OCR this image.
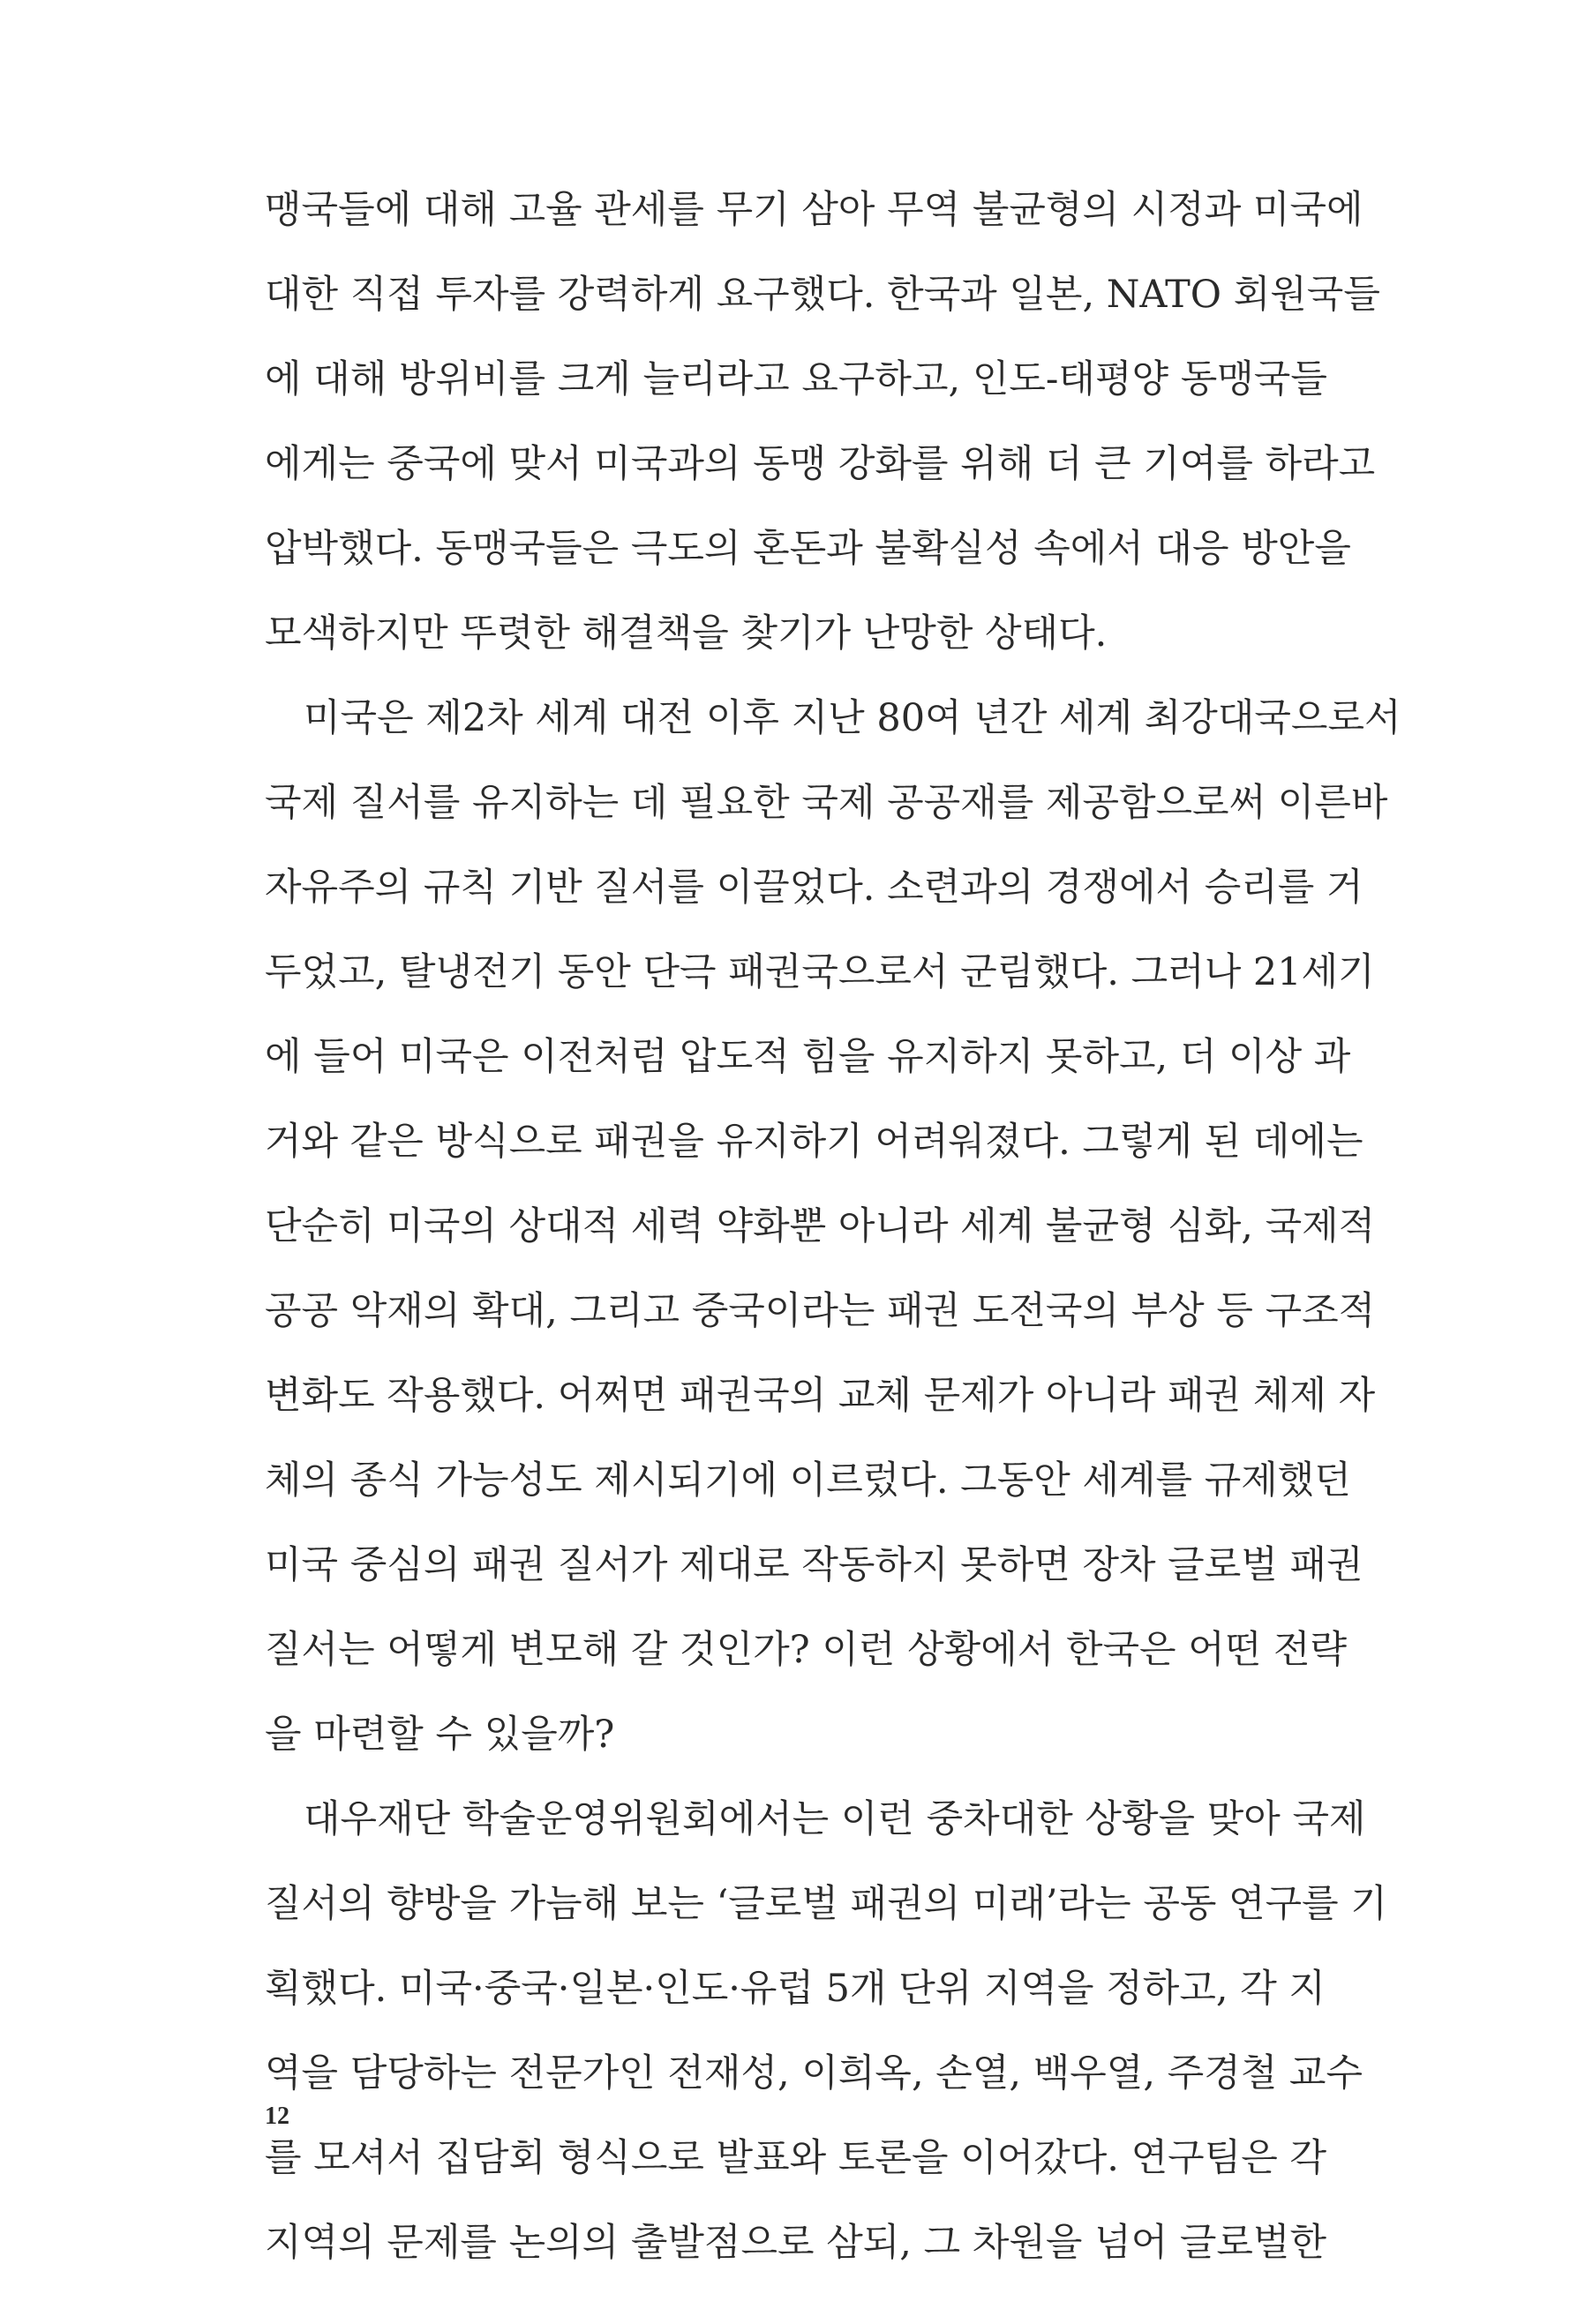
맹국들에 대해 고율 관세를 무기 삼아 무역 불균형의 시정과 미국에
대한 직접 투자를 강력하게 요구했다. 한국과 일본, NATO 회원국들
에 대해 방위비를 크게 늘리라고 요구하고, 인도-태평양 동맹국들
에게는 중국에 맞서 미국과의 동맹 강화를 위해 더 큰 기여를 하라고
압박했다. 동맹국들은 극도의 혼돈과 불확실성 속에서 대응 방안을
모색하지만 뚜렷한 해결책을 찾기가 난망한 상태다.
미국은 제2차 세계 대전 이후 지난 80여 년간 세계 최강대국으로서
국제 질서를 유지하는 데 필요한 국제 공공재를 제공함으로써 이른바
자유주의 규칙 기반 질서를 이끌었다. 소련과의 경쟁에서 승리를 거
두었고, 탈냉전기 동안 단극 패권국으로서 군림했다. 그러나 21세기
에 들어 미국은 이전처럼 압도적 힘을 유지하지 못하고, 더 이상 과
거와 같은 방식으로 패권을 유지하기 어려워졌다. 그렇게 된 데에는
단순히 미국의 상대적 세력 약화뿐 아니라 세계 불균형 심화, 국제적
공공 악재의 확대, 그리고 중국이라는 패권 도전국의 부상 등 구조적
변화도 작용했다. 어쩌면 패권국의 교체 문제가 아니라 패권 체제 자
체의 종식 가능성도 제시되기에 이르렀다. 그동안 세계를 규제했던
미국 중심의 패권 질서가 제대로 작동하지 못하면 장차 글로벌 패권
질서는 어떻게 변모해 갈 것인가? 이런 상황에서 한국은 어떤 전략
을 마련할 수 있을까?
대우재단 학술운영위원회에서는 이런 중차대한 상황을 맞아 국제
질서의 향방을 가늠해 보는 ‘글로벌 패권의 미래’라는 공동 연구를 기
획했다. 미국·중국·일본·인도·유럽 5개 단위 지역을 정하고, 각 지
역을 담당하는 전문가인 전재성, 이희옥, 손열, 백우열, 주경철 교수
를 모셔서 집담회 형식으로 발표와 토론을 이어갔다. 연구팀은 각
지역의 문제를 논의의 출발점으로 삼되, 그 차원을 넘어 글로벌한
12
